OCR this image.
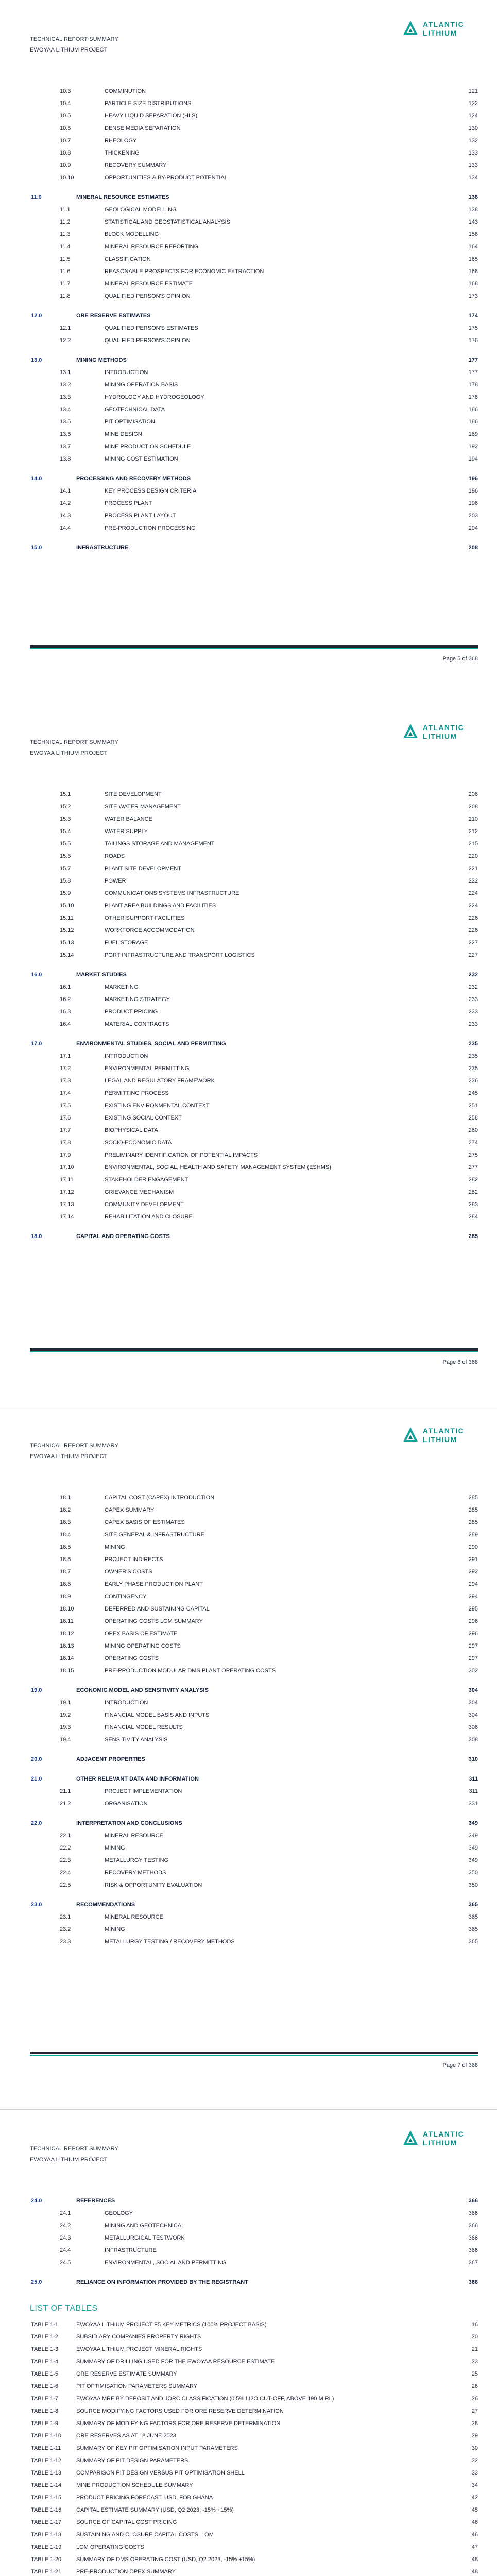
TECHNICAL REPORT SUMMARY
EWOYAA LITHIUM PROJECT
ATLANTIC
LITHIUM
10.3	COMMINUTION	121
10.4	PARTICLE SIZE DISTRIBUTIONS	122
10.5	HEAVY LIQUID SEPARATION (HLS)	124
10.6	DENSE MEDIA SEPARATION	130
10.7	RHEOLOGY	132
10.8	THICKENING	133
10.9	RECOVERY SUMMARY	133
10.10	OPPORTUNITIES & BY-PRODUCT POTENTIAL	134
11.0	MINERAL RESOURCE ESTIMATES	138
11.1	GEOLOGICAL MODELLING	138
11.2	STATISTICAL AND GEOSTATISTICAL ANALYSIS	143
11.3	BLOCK MODELLING	156
11.4	MINERAL RESOURCE REPORTING	164
11.5	CLASSIFICATION	165
11.6	REASONABLE PROSPECTS FOR ECONOMIC EXTRACTION	168
11.7	MINERAL RESOURCE ESTIMATE	168
11.8	QUALIFIED PERSON'S OPINION	173
12.0	ORE RESERVE ESTIMATES	174
12.1	QUALIFIED PERSON'S ESTIMATES	175
12.2	QUALIFIED PERSON'S OPINION	176
13.0	MINING METHODS	177
13.1	INTRODUCTION	177
13.2	MINING OPERATION BASIS	178
13.3	HYDROLOGY AND HYDROGEOLOGY	178
13.4	GEOTECHNICAL DATA	186
13.5	PIT OPTIMISATION	186
13.6	MINE DESIGN	189
13.7	MINE PRODUCTION SCHEDULE	192
13.8	MINING COST ESTIMATION	194
14.0	PROCESSING AND RECOVERY METHODS	196
14.1	KEY PROCESS DESIGN CRITERIA	196
14.2	PROCESS PLANT	196
14.3	PROCESS PLANT LAYOUT	203
14.4	PRE-PRODUCTION PROCESSING	204
15.0	INFRASTRUCTURE	208
Page 5 of 368
TECHNICAL REPORT SUMMARY
EWOYAA LITHIUM PROJECT
ATLANTIC
LITHIUM
15.1	SITE DEVELOPMENT	208
15.2	SITE WATER MANAGEMENT	208
15.3	WATER BALANCE	210
15.4	WATER SUPPLY	212
15.5	TAILINGS STORAGE AND MANAGEMENT	215
15.6	ROADS	220
15.7	PLANT SITE DEVELOPMENT	221
15.8	POWER	222
15.9	COMMUNICATIONS SYSTEMS INFRASTRUCTURE	224
15.10	PLANT AREA BUILDINGS AND FACILITIES	224
15.11	OTHER SUPPORT FACILITIES	226
15.12	WORKFORCE ACCOMMODATION	226
15.13	FUEL STORAGE	227
15.14	PORT INFRASTRUCTURE AND TRANSPORT LOGISTICS	227
16.0	MARKET STUDIES	232
16.1	MARKETING	232
16.2	MARKETING STRATEGY	233
16.3	PRODUCT PRICING	233
16.4	MATERIAL CONTRACTS	233
17.0	ENVIRONMENTAL STUDIES, SOCIAL AND PERMITTING	235
17.1	INTRODUCTION	235
17.2	ENVIRONMENTAL PERMITTING	235
17.3	LEGAL AND REGULATORY FRAMEWORK	236
17.4	PERMITTING PROCESS	245
17.5	EXISTING ENVIRONMENTAL CONTEXT	251
17.6	EXISTING SOCIAL CONTEXT	258
17.7	BIOPHYSICAL DATA	260
17.8	SOCIO-ECONOMIC DATA	274
17.9	PRELIMINARY IDENTIFICATION OF POTENTIAL IMPACTS	275
17.10	ENVIRONMENTAL, SOCIAL, HEALTH AND SAFETY MANAGEMENT SYSTEM (ESHMS)	277
17.11	STAKEHOLDER ENGAGEMENT	282
17.12	GRIEVANCE MECHANISM	282
17.13	COMMUNITY DEVELOPMENT	283
17.14	REHABILITATION AND CLOSURE	284
18.0	CAPITAL AND OPERATING COSTS	285
Page 6 of 368
TECHNICAL REPORT SUMMARY
EWOYAA LITHIUM PROJECT
ATLANTIC
LITHIUM
18.1	CAPITAL COST (CAPEX) INTRODUCTION	285
18.2	CAPEX SUMMARY	285
18.3	CAPEX BASIS OF ESTIMATES	285
18.4	SITE GENERAL & INFRASTRUCTURE	289
18.5	MINING	290
18.6	PROJECT INDIRECTS	291
18.7	OWNER'S COSTS	292
18.8	EARLY PHASE PRODUCTION PLANT	294
18.9	CONTINGENCY	294
18.10	DEFERRED AND SUSTAINING CAPITAL	295
18.11	OPERATING COSTS LOM SUMMARY	296
18.12	OPEX BASIS OF ESTIMATE	296
18.13	MINING OPERATING COSTS	297
18.14	OPERATING COSTS	297
18.15	PRE-PRODUCTION MODULAR DMS PLANT OPERATING COSTS	302
19.0	ECONOMIC MODEL AND SENSITIVITY ANALYSIS	304
19.1	INTRODUCTION	304
19.2	FINANCIAL MODEL BASIS AND INPUTS	304
19.3	FINANCIAL MODEL RESULTS	306
19.4	SENSITIVITY ANALYSIS	308
20.0	ADJACENT PROPERTIES	310
21.0	OTHER RELEVANT DATA AND INFORMATION	311
21.1	PROJECT IMPLEMENTATION	311
21.2	ORGANISATION	331
22.0	INTERPRETATION AND CONCLUSIONS	349
22.1	MINERAL RESOURCE	349
22.2	MINING	349
22.3	METALLURGY TESTING	349
22.4	RECOVERY METHODS	350
22.5	RISK & OPPORTUNITY EVALUATION	350
23.0	RECOMMENDATIONS	365
23.1	MINERAL RESOURCE	365
23.2	MINING	365
23.3	METALLURGY TESTING / RECOVERY METHODS	365
Page 7 of 368
TECHNICAL REPORT SUMMARY
EWOYAA LITHIUM PROJECT
ATLANTIC
LITHIUM
24.0	REFERENCES	366
24.1	GEOLOGY	366
24.2	MINING AND GEOTECHNICAL	366
24.3	METALLURGICAL TESTWORK	366
24.4	INFRASTRUCTURE	366
24.5	ENVIRONMENTAL, SOCIAL AND PERMITTING	367
25.0	RELIANCE ON INFORMATION PROVIDED BY THE REGISTRANT	368
LIST OF TABLES
TABLE 1-1	EWOYAA LITHIUM PROJECT F5 KEY METRICS (100% PROJECT BASIS)	16
TABLE 1-2	SUBSIDIARY COMPANIES PROPERTY RIGHTS	20
TABLE 1-3	EWOYAA LITHIUM PROJECT MINERAL RIGHTS	21
TABLE 1-4	SUMMARY OF DRILLING USED FOR THE EWOYAA RESOURCE ESTIMATE	23
TABLE 1-5	ORE RESERVE ESTIMATE SUMMARY	25
TABLE 1-6	PIT OPTIMISATION PARAMETERS SUMMARY	26
TABLE 1-7	EWOYAA MRE BY DEPOSIT AND JORC CLASSIFICATION (0.5% LI2O CUT-OFF, ABOVE 190 M RL)	26
TABLE 1-8	SOURCE MODIFYING FACTORS USED FOR ORE RESERVE DETERMINATION	27
TABLE 1-9	SUMMARY OF MODIFYING FACTORS FOR ORE RESERVE DETERMINATION	28
TABLE 1-10	ORE RESERVES AS AT 18 JUNE 2023	29
TABLE 1-11	SUMMARY OF KEY PIT OPTIMISATION INPUT PARAMETERS	30
TABLE 1-12	SUMMARY OF PIT DESIGN PARAMETERS	32
TABLE 1-13	COMPARISON PIT DESIGN VERSUS PIT OPTIMISATION SHELL	33
TABLE 1-14	MINE PRODUCTION SCHEDULE SUMMARY	34
TABLE 1-15	PRODUCT PRICING FORECAST, USD, FOB GHANA	42
TABLE 1-16	CAPITAL ESTIMATE SUMMARY (USD, Q2 2023, -15% +15%)	45
TABLE 1-17	SOURCE OF CAPITAL COST PRICING	46
TABLE 1-18	SUSTAINING AND CLOSURE CAPITAL COSTS, LOM	46
TABLE 1-19	LOM OPERATING COSTS	47
TABLE 1-20	SUMMARY OF DMS OPERATING COST (USD, Q2 2023, -15% +15%)	48
TABLE 1-21	PRE-PRODUCTION OPEX SUMMARY	48
